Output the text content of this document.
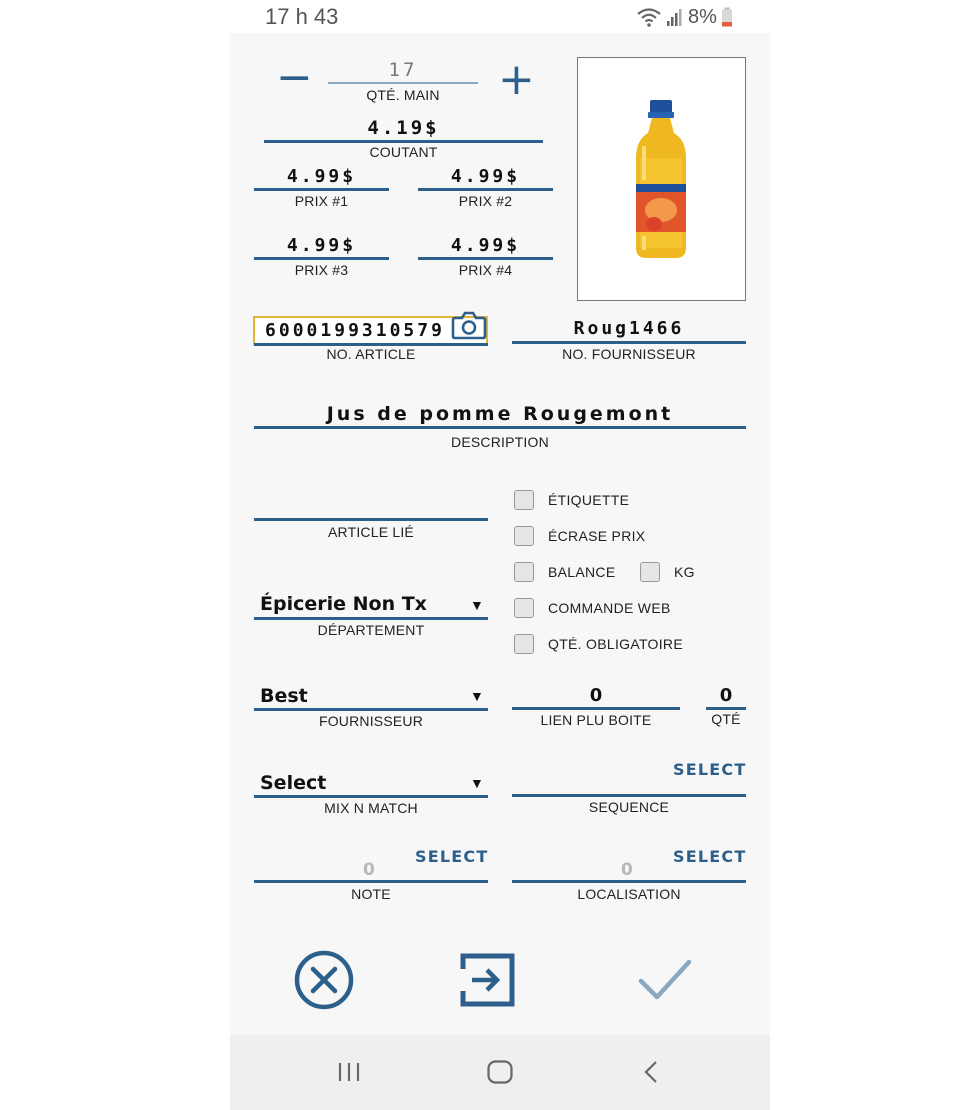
17 h 43	8%
−	17
QTÉ. MAIN	+
4.19$
COUTANT
4.99$
PRIX #1
4.99$
PRIX #2
4.99$
PRIX #3
4.99$
PRIX #4
6000199310579
NO. ARTICLE
Roug1466
NO. FOURNISSEUR
Jus de pomme Rougemont
DESCRIPTION
ARTICLE LIÉ
ÉTIQUETTE
ÉCRASE PRIX
BALANCE	KG
COMMANDE WEB
QTÉ. OBLIGATOIRE
Épicerie Non Tx	▼
DÉPARTEMENT
Best	▼
FOURNISSEUR
0
LIEN PLU BOITE
0
QTÉ
Select	▼
MIX N MATCH
SELECT
SEQUENCE
0
SELECT
NOTE
0
SELECT
LOCALISATION
